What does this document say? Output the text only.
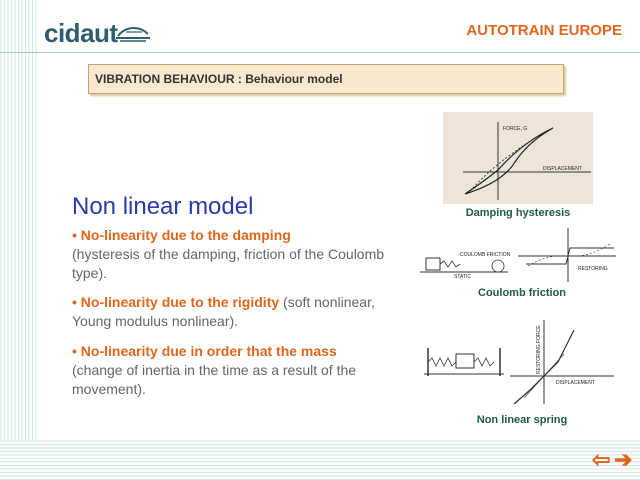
cidaut	AUTOTRAIN EUROPE
VIBRATION BEHAVIOUR : Behaviour model
Non linear model
• No-linearity due to the damping
(hysteresis of the damping, friction of the Coulomb type).
• No-linearity due to the rigidity (soft nonlinear, Young modulus nonlinear).
• No-linearity due in order that the mass
(change of inertia in the time as a result of the movement).
FORCE, G
DISPLACEMENT
Damping hysteresis
COULOMB FRICTION
STATIC
RESTORING
Coulomb friction
RESTORING FORCE
DISPLACEMENT
Non linear spring
⇦ ➔
